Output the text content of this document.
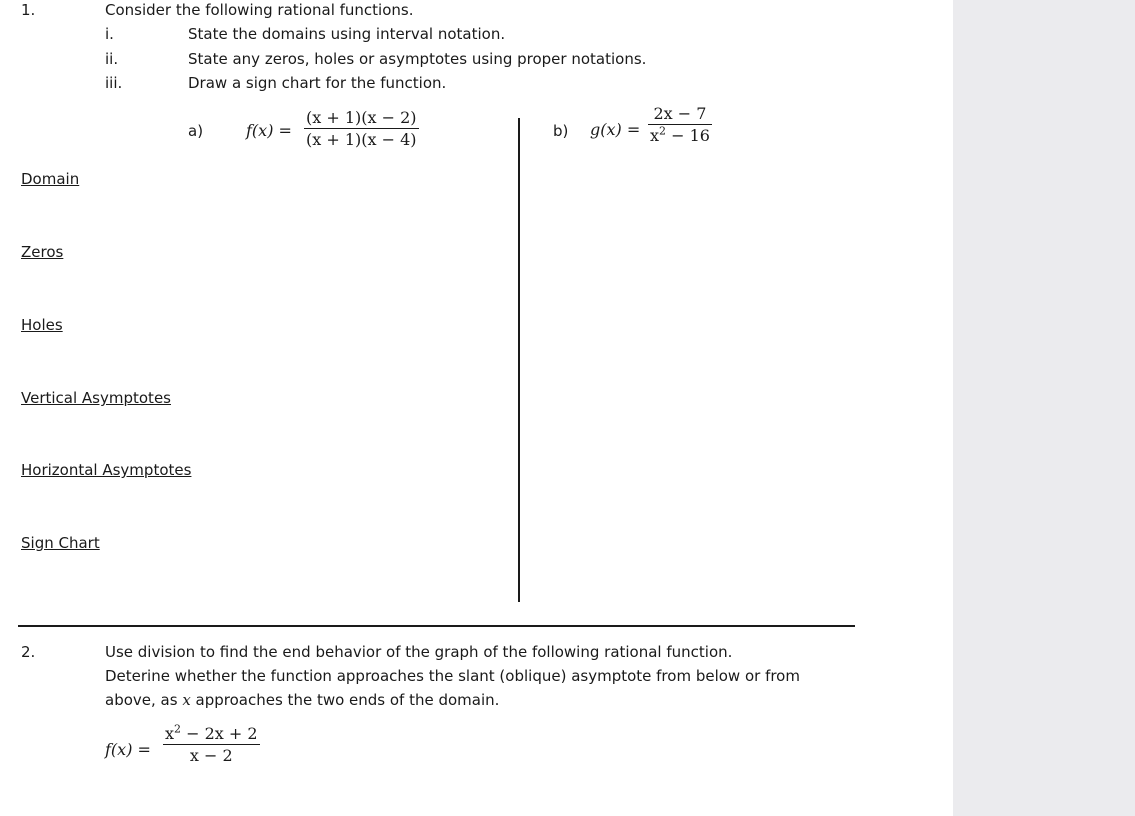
1.	Consider the following rational functions.
i.	State the domains using interval notation.
ii.	State any zeros, holes or asymptotes using proper notations.
iii.	Draw a sign chart for the function.
a)	f(x) =
(x + 1)(x − 2)
(x + 1)(x − 4)	b) g(x) =
2x − 7
$x^2 - 16$
Domain
Zeros
Holes
Vertical Asymptotes
Horizontal Asymptotes
Sign Chart
2.	Use division to find the end behavior of the graph of the following rational function.
Deterine whether the function approaches the slant (oblique) asymptote from below or from
above, as x approaches the two ends of the domain.
f(x) =
$x^2 - 2x + 2$
x − 2
